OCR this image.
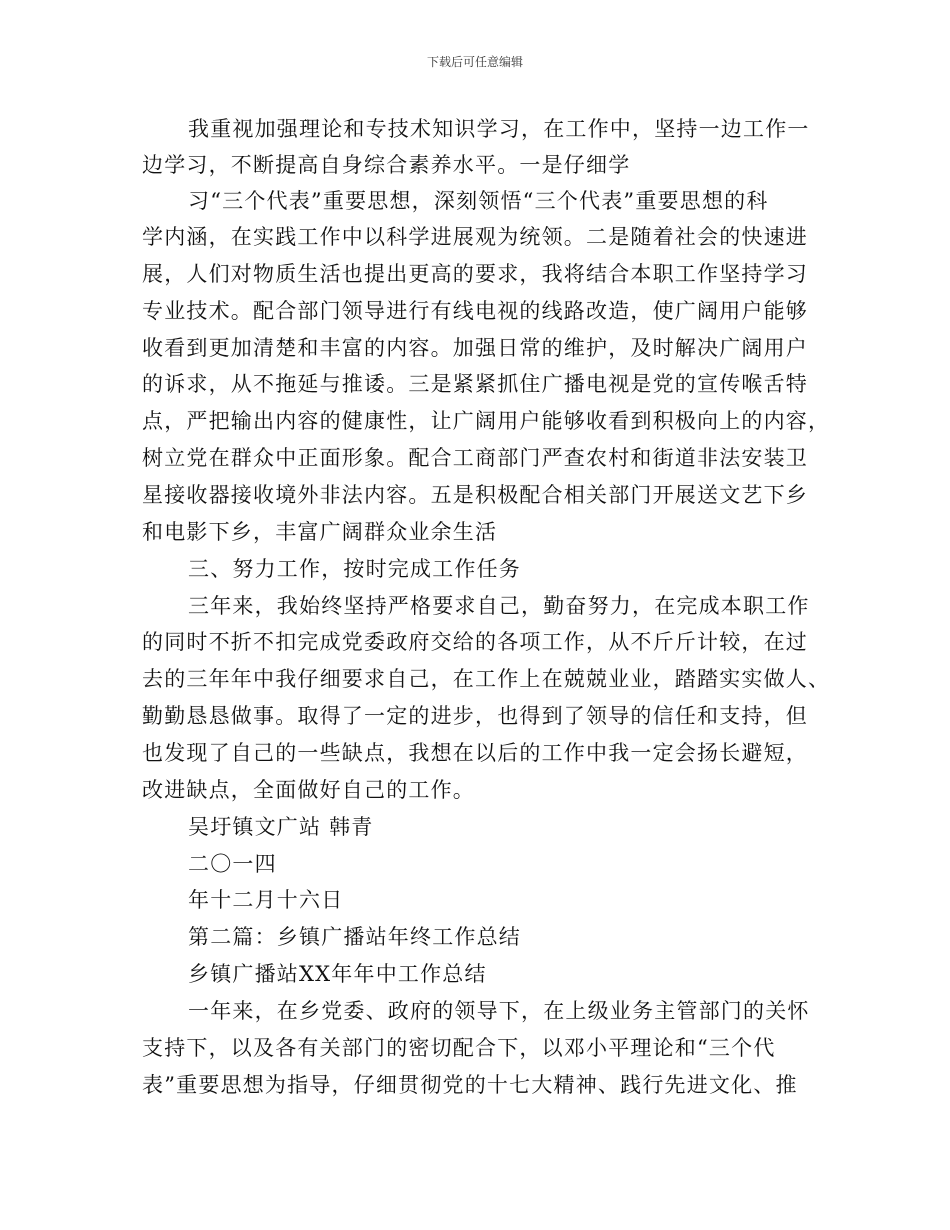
下载后可任意编辑
我重视加强理论和专技术知识学习，在工作中，坚持一边工作一
边学习，不断提高自身综合素养水平。一是仔细学
习“三个代表”重要思想，深刻领悟“三个代表”重要思想的科
学内涵，在实践工作中以科学进展观为统领。二是随着社会的快速进
展，人们对物质生活也提出更高的要求，我将结合本职工作坚持学习
专业技术。配合部门领导进行有线电视的线路改造，使广阔用户能够
收看到更加清楚和丰富的内容。加强日常的维护，及时解决广阔用户
的诉求，从不拖延与推诿。三是紧紧抓住广播电视是党的宣传喉舌特
点，严把输出内容的健康性，让广阔用户能够收看到积极向上的内容，
树立党在群众中正面形象。配合工商部门严查农村和街道非法安装卫
星接收器接收境外非法内容。五是积极配合相关部门开展送文艺下乡
和电影下乡，丰富广阔群众业余生活
三、努力工作，按时完成工作任务
三年来，我始终坚持严格要求自己，勤奋努力，在完成本职工作
的同时不折不扣完成党委政府交给的各项工作，从不斤斤计较，在过
去的三年年中我仔细要求自己，在工作上在兢兢业业，踏踏实实做人、
勤勤恳恳做事。取得了一定的进步，也得到了领导的信任和支持，但
也发现了自己的一些缺点，我想在以后的工作中我一定会扬长避短，
改进缺点，全面做好自己的工作。
吴圩镇文广站 韩青
二〇一四
年十二月十六日
第二篇：乡镇广播站年终工作总结
乡镇广播站XX年年中工作总结
一年来，在乡党委、政府的领导下，在上级业务主管部门的关怀
支持下，以及各有关部门的密切配合下，以邓小平理论和“三个代
表”重要思想为指导，仔细贯彻党的十七大精神、践行先进文化、推
